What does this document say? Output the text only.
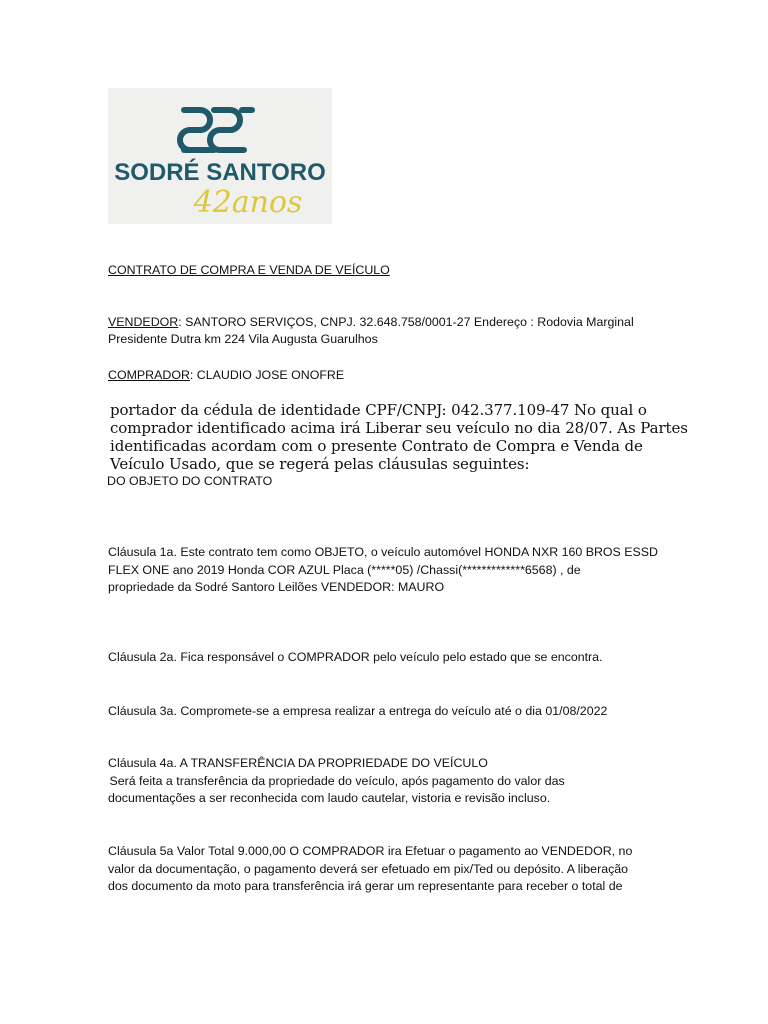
SODRÉ SANTORO
42anos
CONTRATO DE COMPRA E VENDA DE VEÍCULO
VENDEDOR: SANTORO SERVIÇOS, CNPJ. 32.648.758/0001-27 Endereço : Rodovia Marginal
Presidente Dutra km 224 Vila Augusta Guarulhos
COMPRADOR: CLAUDIO JOSE ONOFRE
portador da cédula de identidade CPF/CNPJ: 042.377.109-47 No qual o
comprador identificado acima irá Liberar seu veículo no dia 28/07. As Partes
identificadas acordam com o presente Contrato de Compra e Venda de
Veículo Usado, que se regerá pelas cláusulas seguintes:
DO OBJETO DO CONTRATO
Cláusula 1a. Este contrato tem como OBJETO, o veículo automóvel HONDA NXR 160 BROS ESSD
FLEX ONE ano 2019 Honda COR AZUL Placa (*****05) /Chassi(*************6568) , de
propriedade da Sodré Santoro Leilões VENDEDOR: MAURO
Cláusula 2a. Fica responsável o COMPRADOR pelo veículo pelo estado que se encontra.
Cláusula 3a. Compromete-se a empresa realizar a entrega do veículo até o dia 01/08/2022
Cláusula 4a. A TRANSFERÊNCIA DA PROPRIEDADE DO VEÍCULO
Será feita a transferência da propriedade do veículo, após pagamento do valor das
documentações a ser reconhecida com laudo cautelar, vistoria e revisão incluso.
Cláusula 5a Valor Total 9.000,00 O COMPRADOR ira Efetuar o pagamento ao VENDEDOR, no
valor da documentação, o pagamento deverá ser efetuado em pix/Ted ou depósito. A liberação
dos documento da moto para transferência irá gerar um representante para receber o total de
